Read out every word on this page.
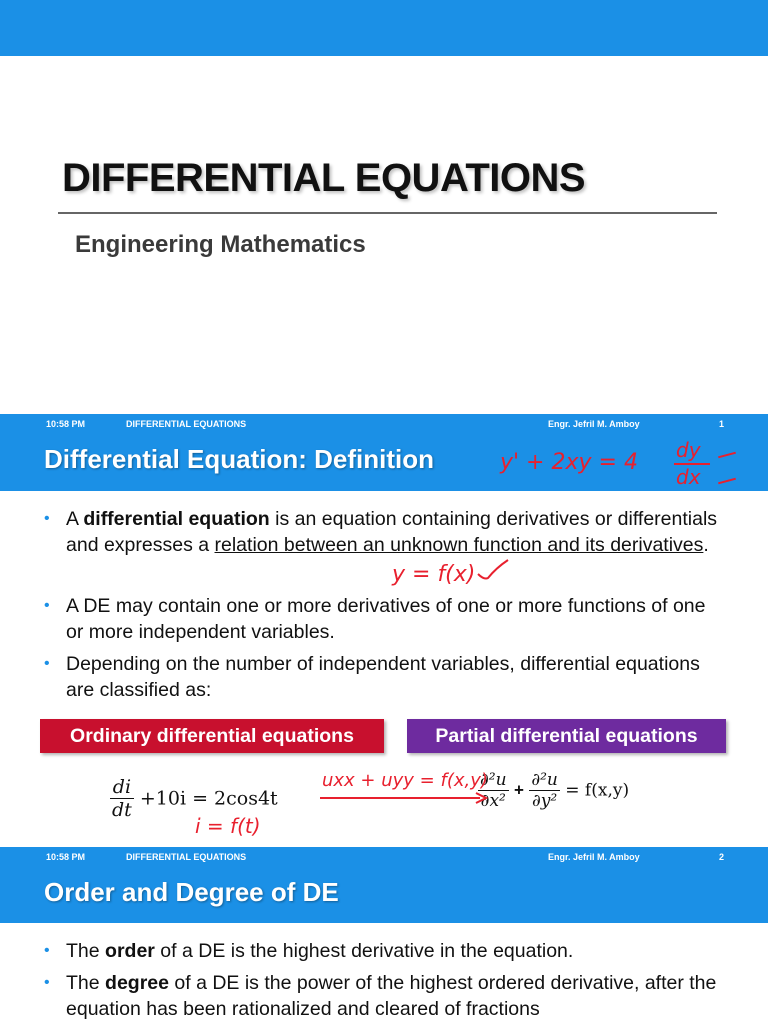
DIFFERENTIAL EQUATIONS
Engineering Mathematics
10:58 PM	DIFFERENTIAL EQUATIONS	Engr. Jefril M. Amboy	1
Differential Equation: Definition	y' + 2xy = 4 dy
dx
• A differential equation is an equation containing derivatives or differentials and expresses a relation between an unknown function and its derivatives.
y = f(x)
• A DE may contain one or more derivatives of one or more functions of one or more independent variables.
• Depending on the number of independent variables, differential equations are classified as:
Ordinary differential equations	Partial differential equations
$\frac{di}{dt} +10i = 2\cos 4t$
i = f(t)
$\frac{\text{∂²u}}{\text{∂x²}} + \frac{\text{∂²u}}{\text{∂y²}} = f(x,y)$
uxx + uyy = f(x,y)
10:58 PM	DIFFERENTIAL EQUATIONS	Engr. Jefril M. Amboy	2
Order and Degree of DE
• The order of a DE is the highest derivative in the equation.
• The degree of a DE is the power of the highest ordered derivative, after the equation has been rationalized and cleared of fractions
